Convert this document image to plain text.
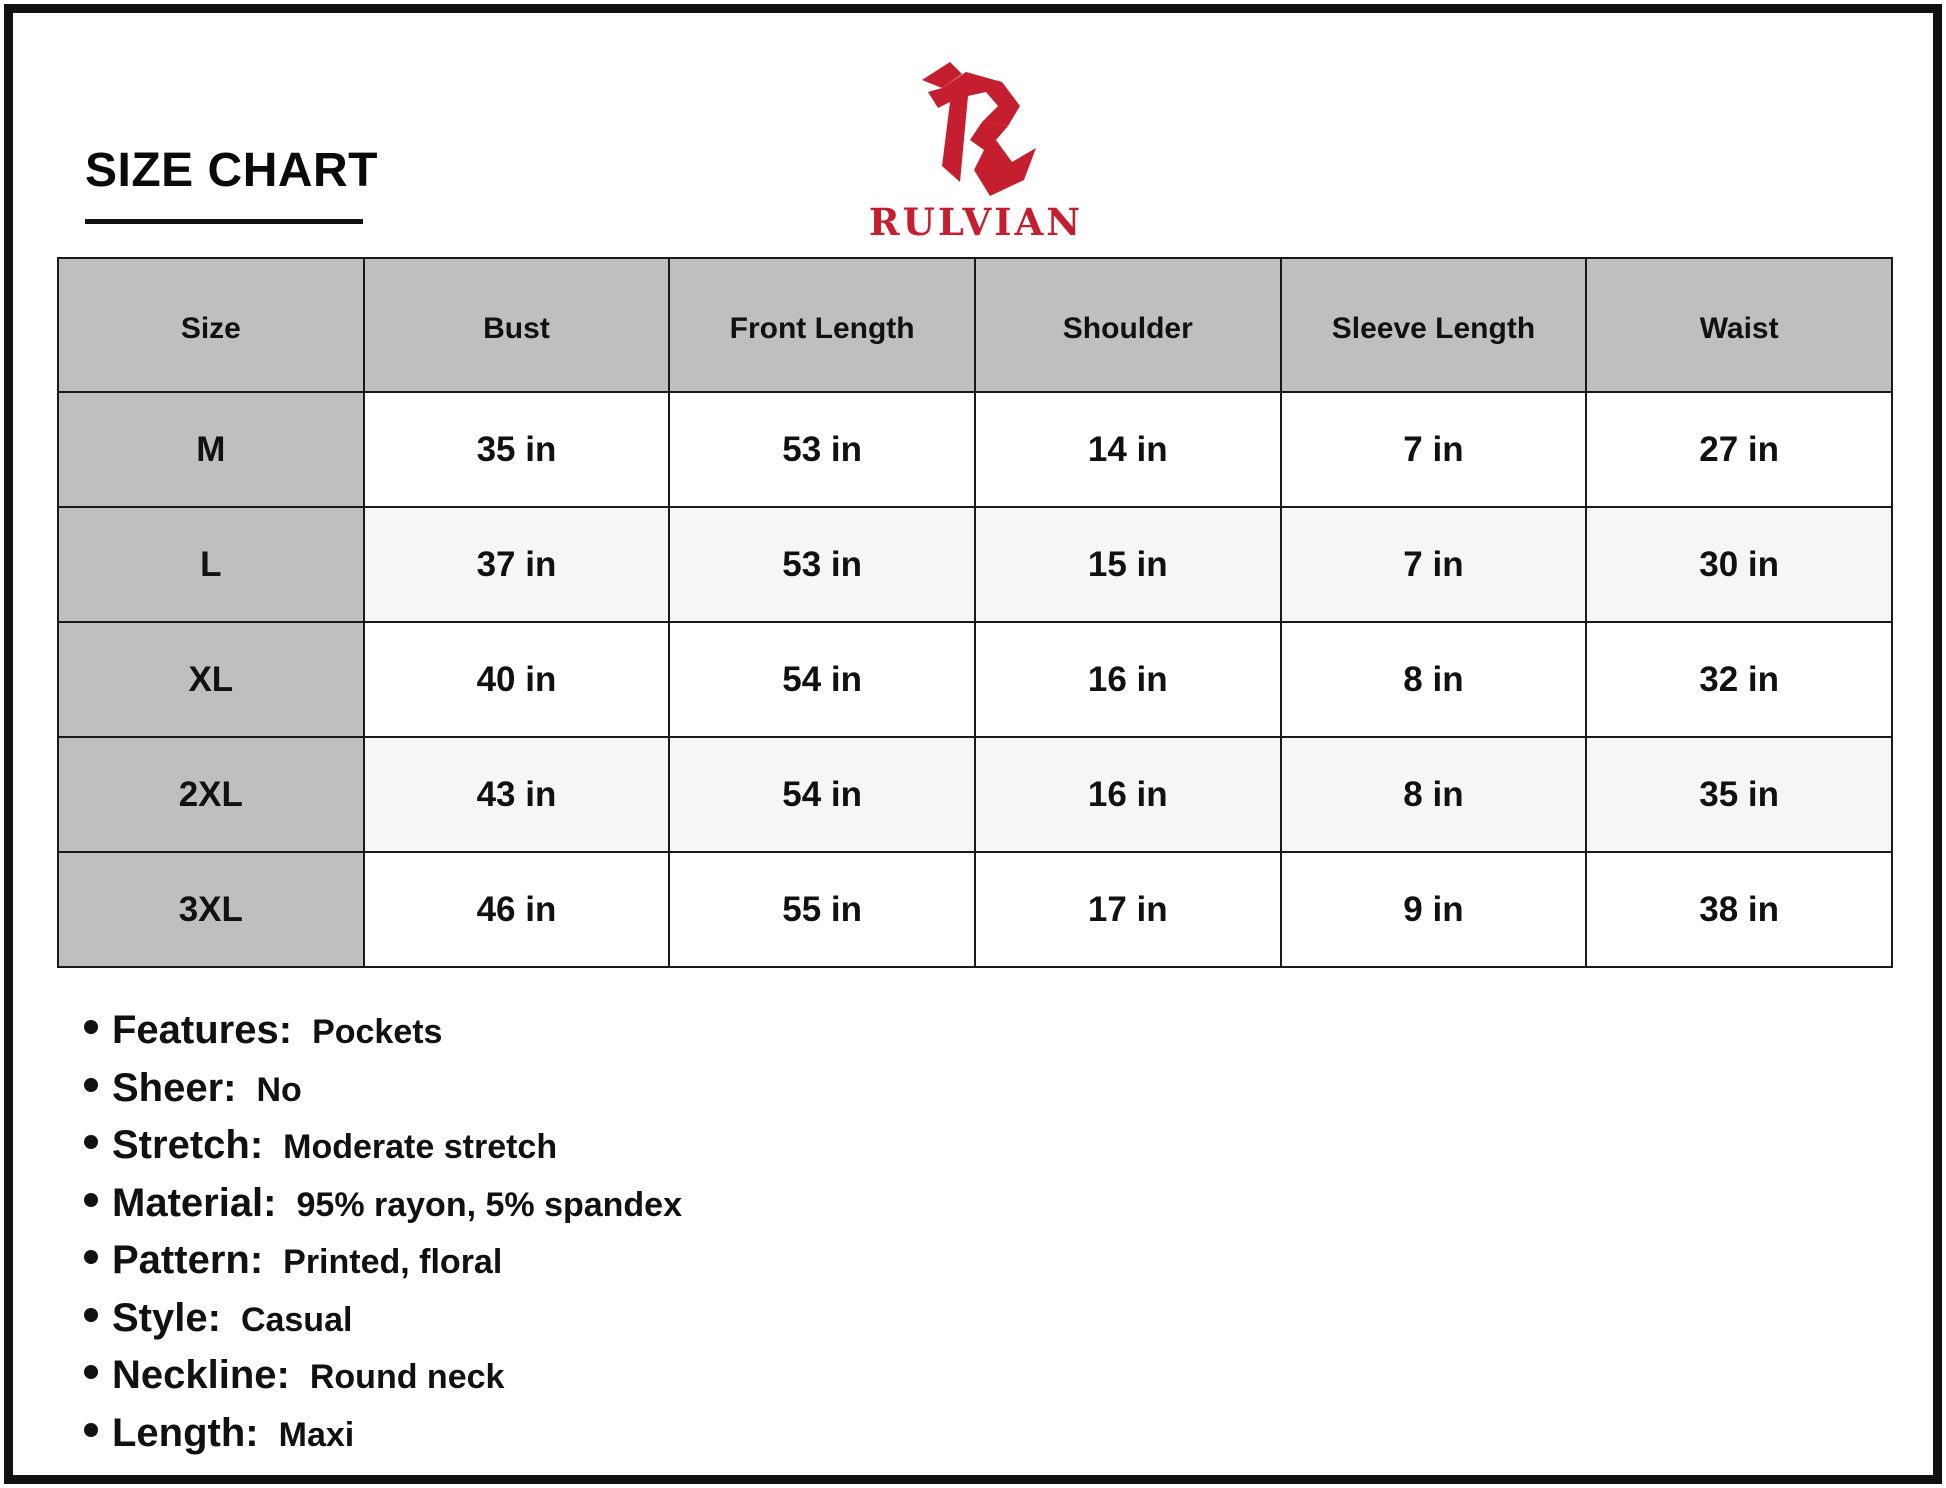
SIZE CHART
RULVIAN
Size	Bust	Front Length	Shoulder	Sleeve Length	Waist
M	35 in	53 in	14 in	7 in	27 in
L	37 in	53 in	15 in	7 in	30 in
XL	40 in	54 in	16 in	8 in	32 in
2XL	43 in	54 in	16 in	8 in	35 in
3XL	46 in	55 in	17 in	9 in	38 in
Features: Pockets
Sheer: No
Stretch: Moderate stretch
Material: 95% rayon, 5% spandex
Pattern: Printed, floral
Style: Casual
Neckline: Round neck
Length: Maxi
